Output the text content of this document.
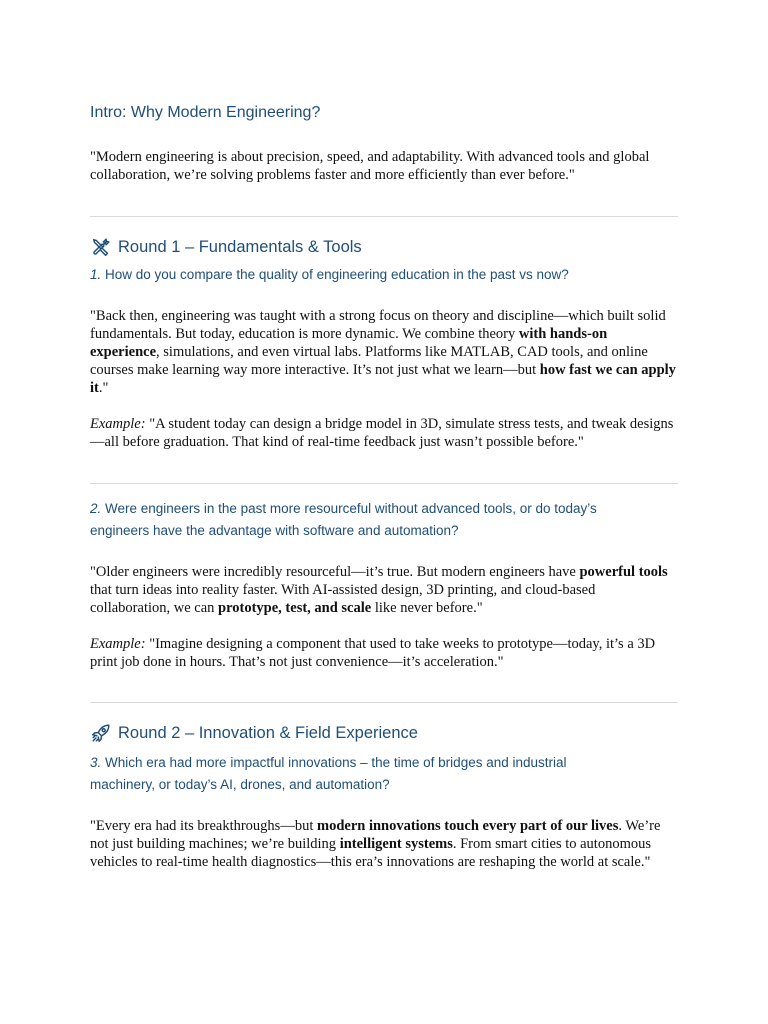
Intro: Why Modern Engineering?

"Modern engineering is about precision, speed, and adaptability. With advanced tools and global collaboration, we’re solving problems faster and more efficiently than ever before."

Round 1 – Fundamentals & Tools
1. How do you compare the quality of engineering education in the past vs now?

"Back then, engineering was taught with a strong focus on theory and discipline—which built solid fundamentals. But today, education is more dynamic. We combine theory with hands-on experience, simulations, and even virtual labs. Platforms like MATLAB, CAD tools, and online courses make learning way more interactive. It’s not just what we learn—but how fast we can apply it."

Example: "A student today can design a bridge model in 3D, simulate stress tests, and tweak designs—all before graduation. That kind of real-time feedback just wasn’t possible before."

2. Were engineers in the past more resourceful without advanced tools, or do today’s engineers have the advantage with software and automation?

"Older engineers were incredibly resourceful—it’s true. But modern engineers have powerful tools that turn ideas into reality faster. With AI-assisted design, 3D printing, and cloud-based collaboration, we can prototype, test, and scale like never before."

Example: "Imagine designing a component that used to take weeks to prototype—today, it’s a 3D print job done in hours. That’s not just convenience—it’s acceleration."

Round 2 – Innovation & Field Experience
3. Which era had more impactful innovations – the time of bridges and industrial machinery, or today’s AI, drones, and automation?

"Every era had its breakthroughs—but modern innovations touch every part of our lives. We’re not just building machines; we’re building intelligent systems. From smart cities to autonomous vehicles to real-time health diagnostics—this era’s innovations are reshaping the world at scale."
